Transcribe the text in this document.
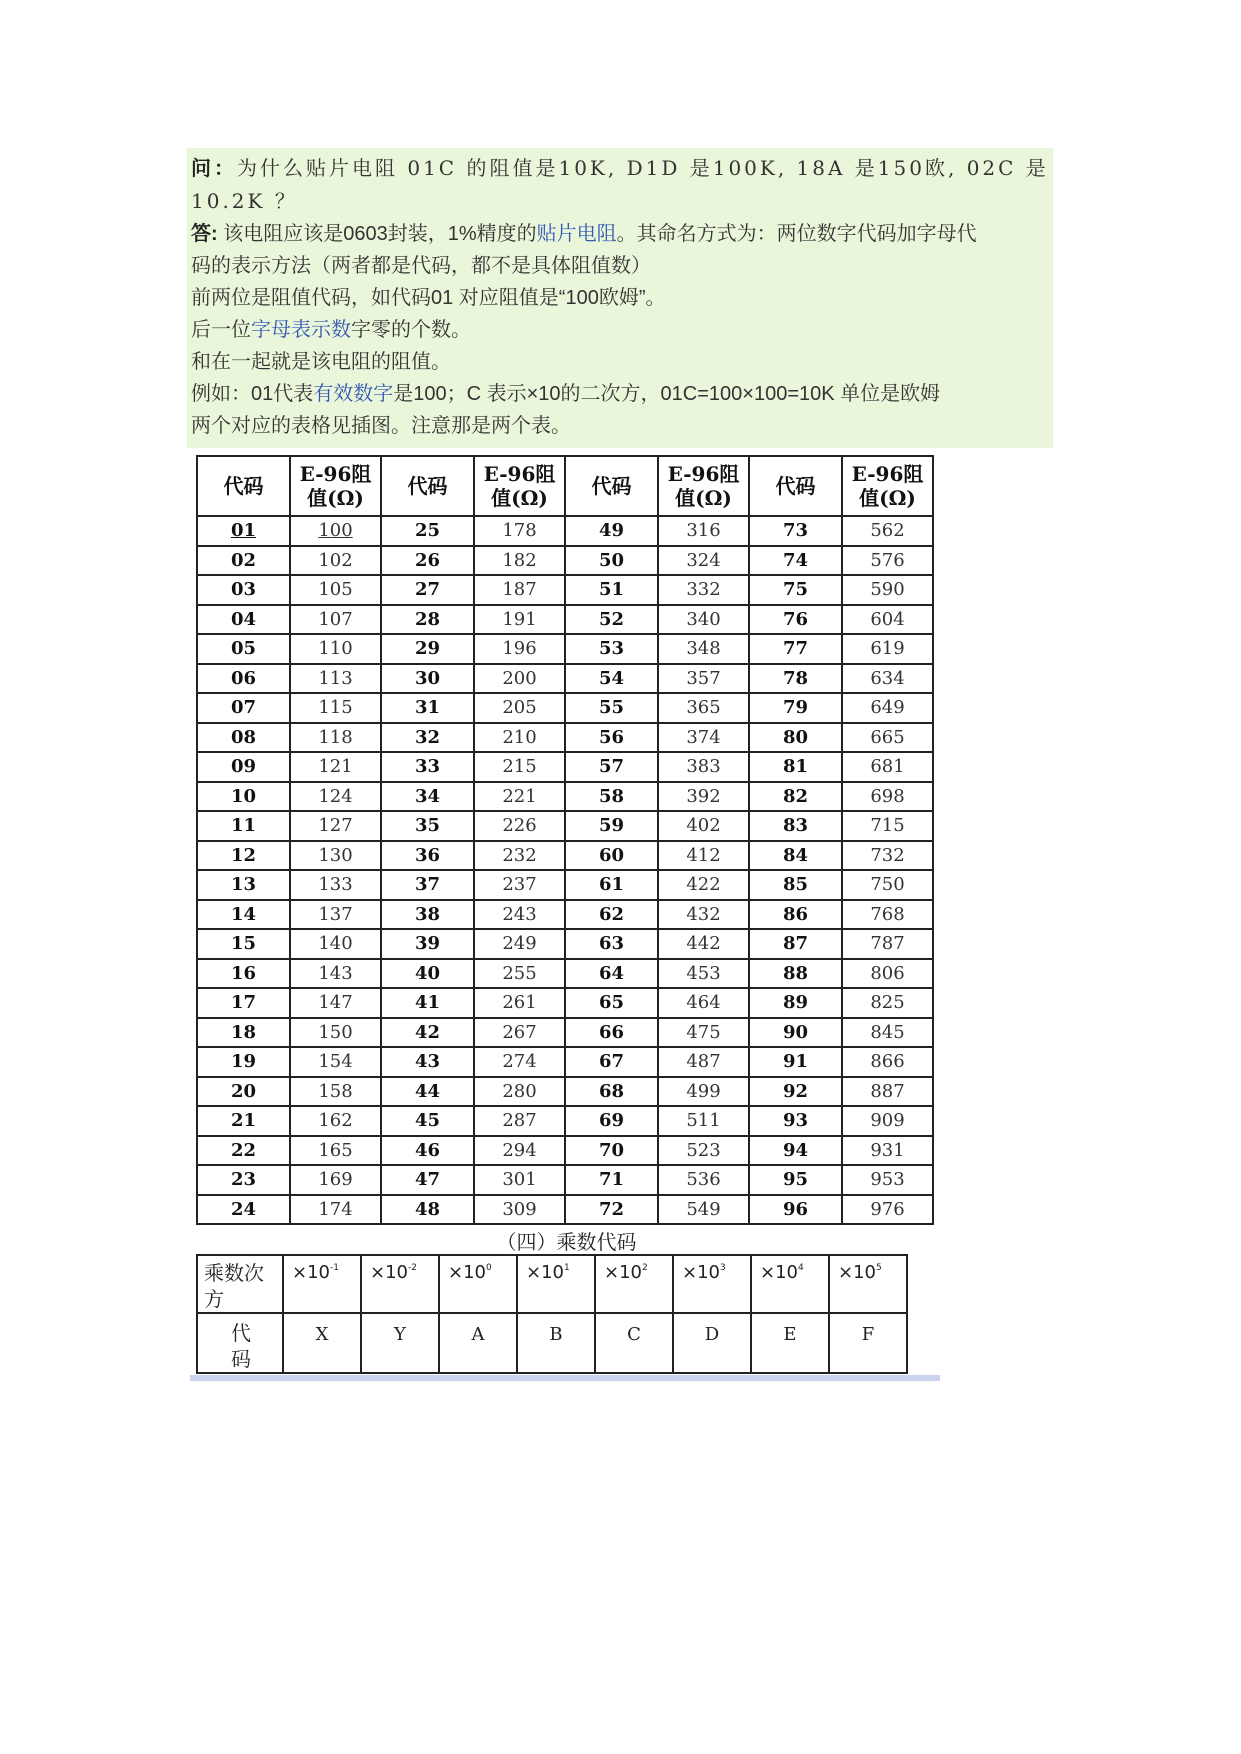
问：为什么贴片电阻 01C 的阻值是10K, D1D 是100K, 18A 是150欧, 02C 是
10.2K ？
答: 该电阻应该是0603封装，1%精度的贴片电阻。其命名方式为：两位数字代码加字母代
码的表示方法（两者都是代码，都不是具体阻值数）
前两位是阻值代码，如代码01 对应阻值是“100欧姆”。
后一位字母表示数字零的个数。
和在一起就是该电阻的阻值。
例如：01代表有效数字是100；C 表示×10的二次方，01C=100×100=10K 单位是欧姆
两个对应的表格见插图。注意那是两个表。
代码	E-96阻
值(Ω)	代码	E-96阻
值(Ω)	代码	E-96阻
值(Ω)	代码	E-96阻
值(Ω)
01	100	25	178	49	316	73	562
02	102	26	182	50	324	74	576
03	105	27	187	51	332	75	590
04	107	28	191	52	340	76	604
05	110	29	196	53	348	77	619
06	113	30	200	54	357	78	634
07	115	31	205	55	365	79	649
08	118	32	210	56	374	80	665
09	121	33	215	57	383	81	681
10	124	34	221	58	392	82	698
11	127	35	226	59	402	83	715
12	130	36	232	60	412	84	732
13	133	37	237	61	422	85	750
14	137	38	243	62	432	86	768
15	140	39	249	63	442	87	787
16	143	40	255	64	453	88	806
17	147	41	261	65	464	89	825
18	150	42	267	66	475	90	845
19	154	43	274	67	487	91	866
20	158	44	280	68	499	92	887
21	162	45	287	69	511	93	909
22	165	46	294	70	523	94	931
23	169	47	301	71	536	95	953
24	174	48	309	72	549	96	976
（四）乘数代码
乘数次
方	$\times 10^{-1}$	$\times 10^{-2}$	$\times 10^0$	$\times 10^1$	$\times 10^2$	$\times 10^3$	$\times 10^4$	$\times 10^5$
代
码	X	Y	A	B	C	D	E	F
